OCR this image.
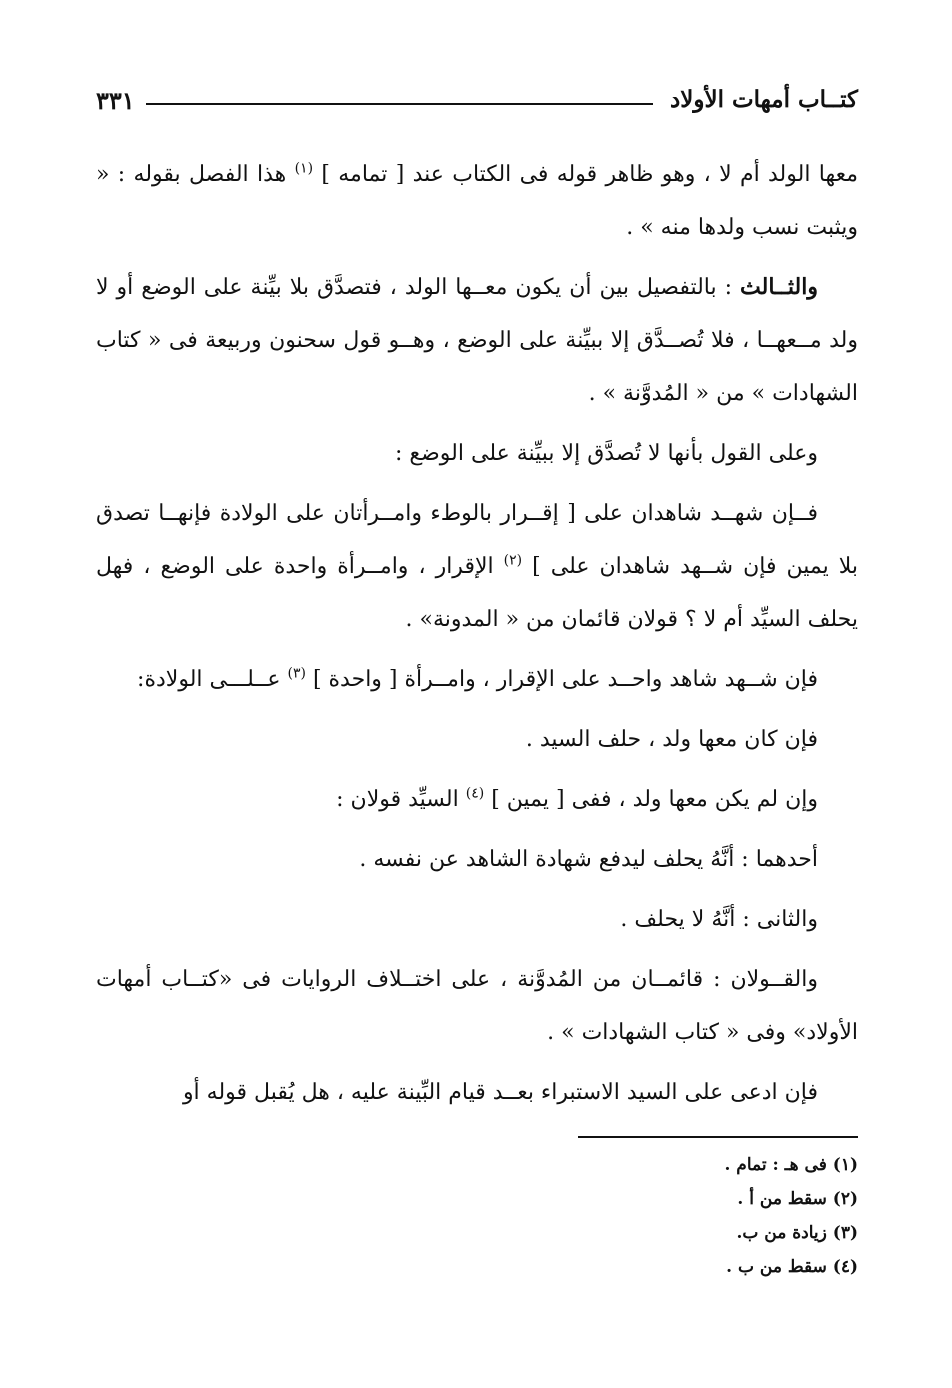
كتــاب أمهات الأولاد
٣٣١

معها الولد أم لا ، وهو ظاهر قوله فى الكتاب عند [ تمامه ] $^{(١)}$ هذا الفصل بقوله : « ويثبت نسب ولدها منه » .

والثــالث : بالتفصيل بين أن يكون معــها الولد ، فتصدَّق بلا بيِّنة على الوضع أو لا ولد مــعهــا ، فلا تُصــدَّق إلا ببيِّنة على الوضع ، وهــو قول سحنون وربيعة فى « كتاب الشهادات » من « المُدوَّنة » .

وعلى القول بأنها لا تُصدَّق إلا ببيِّنة على الوضع :

فــإن شهــد شاهدان على [ إقــرار بالوطء وامــرأتان على الولادة فإنهــا تصدق بلا يمين فإن شــهد شاهدان على ] $^{(٢)}$ الإقرار ، وامــرأة واحدة على الوضع ، فهل يحلف السيِّد أم لا ؟ قولان قائمان من « المدونة» .

فإن شــهد شاهد واحــد على الإقرار ، وامــرأة [ واحدة ] $^{(٣)}$ عــلـــى الولادة:

فإن كان معها ولد ، حلف السيد .

وإن لم يكن معها ولد ، ففى [ يمين ] $^{(٤)}$ السيِّد قولان :

أحدهما : أنَّهُ يحلف ليدفع شهادة الشاهد عن نفسه .

والثانى : أنَّهُ لا يحلف .

والقــولان : قائمــان من المُدوَّنة ، على اختــلاف الروايات فى «كتــاب أمهات الأولاد» وفى « كتاب الشهادات » .

فإن ادعى على السيد الاستبراء بعــد قيام البِّينة عليه ، هل يُقبل قوله أو

(١) فى هـ : تمام .
(٢) سقط من أ .
(٣) زيادة من ب.
(٤) سقط من ب .
